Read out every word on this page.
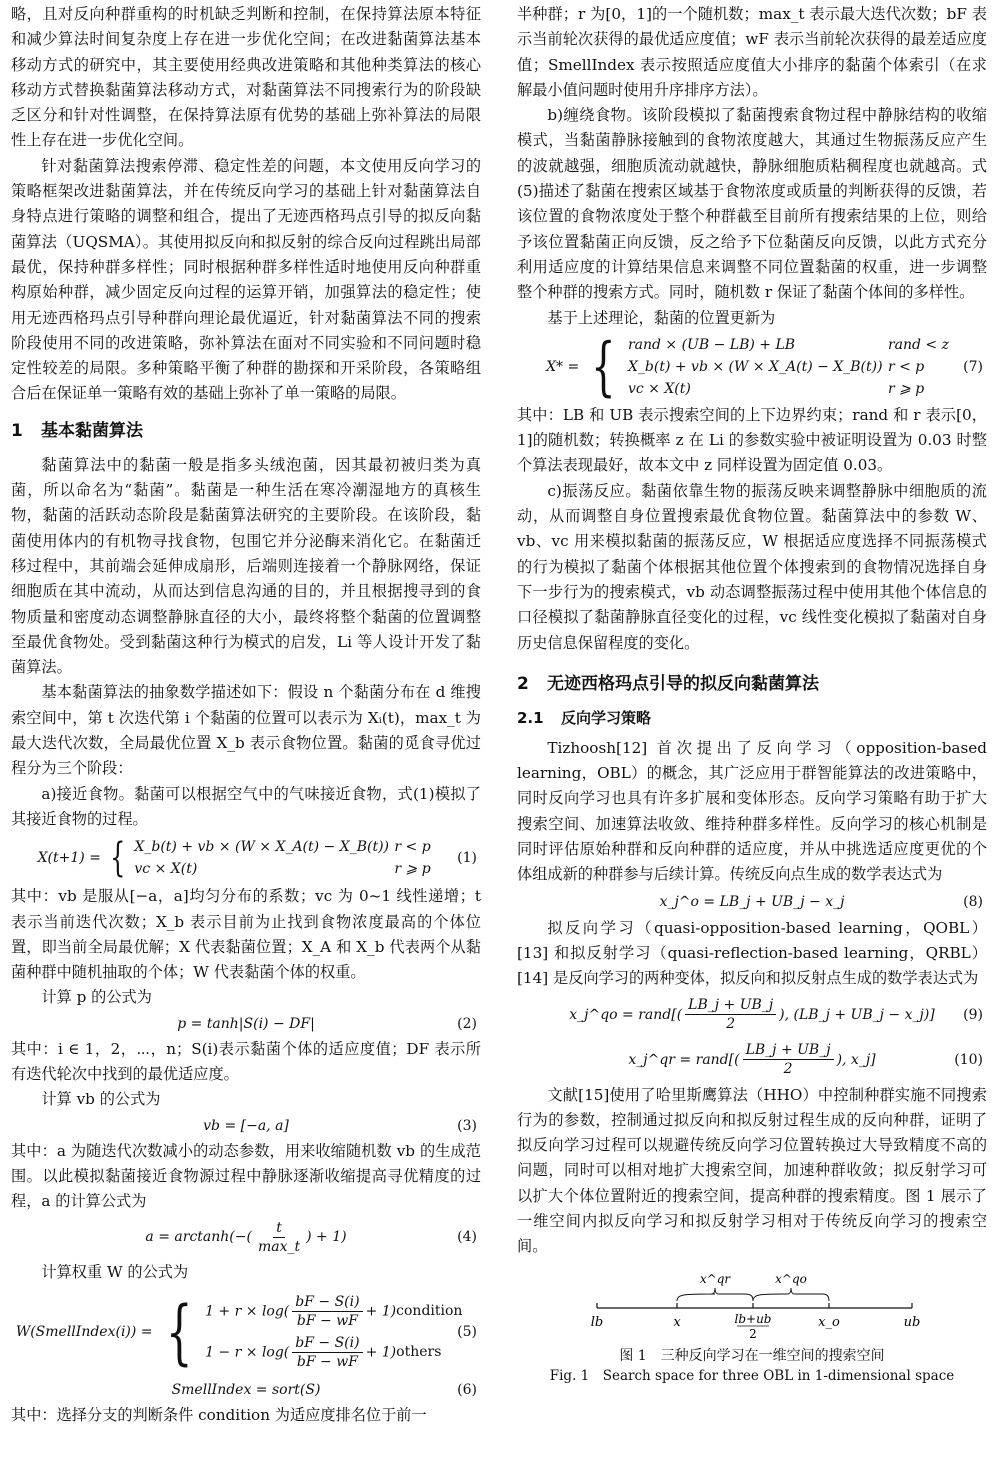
略，且对反向种群重构的时机缺乏判断和控制，在保持算法原本特征和减少算法时间复杂度上存在进一步优化空间；在改进黏菌算法基本移动方式的研究中，其主要使用经典改进策略和其他种类算法的核心移动方式替换黏菌算法移动方式，对黏菌算法不同搜索行为的阶段缺乏区分和针对性调整，在保持算法原有优势的基础上弥补算法的局限性上存在进一步优化空间。

针对黏菌算法搜索停滞、稳定性差的问题，本文使用反向学习的策略框架改进黏菌算法，并在传统反向学习的基础上针对黏菌算法自身特点进行策略的调整和组合，提出了无迹西格玛点引导的拟反向黏菌算法（UQSMA）。其使用拟反向和拟反射的综合反向过程跳出局部最优，保持种群多样性；同时根据种群多样性适时地使用反向种群重构原始种群，减少固定反向过程的运算开销，加强算法的稳定性；使用无迹西格玛点引导种群向理论最优逼近，针对黏菌算法不同的搜索阶段使用不同的改进策略，弥补算法在面对不同实验和不同问题时稳定性较差的局限。多种策略平衡了种群的勘探和开采阶段，各策略组合后在保证单一策略有效的基础上弥补了单一策略的局限。

1 基本黏菌算法

黏菌算法中的黏菌一般是指多头绒泡菌，因其最初被归类为真菌，所以命名为“黏菌”。黏菌是一种生活在寒冷潮湿地方的真核生物，黏菌的活跃动态阶段是黏菌算法研究的主要阶段。在该阶段，黏菌使用体内的有机物寻找食物，包围它并分泌酶来消化它。在黏菌迁移过程中，其前端会延伸成扇形，后端则连接着一个静脉网络，保证细胞质在其中流动，从而达到信息沟通的目的，并且根据搜寻到的食物质量和密度动态调整静脉直径的大小，最终将整个黏菌的位置调整至最优食物处。受到黏菌这种行为模式的启发，Li 等人设计开发了黏菌算法。

基本黏菌算法的抽象数学描述如下：假设 n 个黏菌分布在 d 维搜索空间中，第 t 次迭代第 i 个黏菌的位置可以表示为 Xᵢ(t)，max_t 为最大迭代次数，全局最优位置 X_b 表示食物位置。黏菌的觅食寻优过程分为三个阶段：

a)接近食物。黏菌可以根据空气中的气味接近食物，式(1)模拟了其接近食物的过程。

X(t+1) = { X_b(t) + vb × (W × X_A(t) − X_B(t)) r < p
vc × X(t)	r ⩾ p
(1)

其中：vb 是服从[−a，a]均匀分布的系数；vc 为 0~1 线性递增；t 表示当前迭代次数；X_b 表示目前为止找到食物浓度最高的个体位置，即当前全局最优解；X 代表黏菌位置；X_A 和 X_b 代表两个从黏菌种群中随机抽取的个体；W 代表黏菌个体的权重。

计算 p 的公式为

p = tanh|S(i) − DF|	(2)

其中：i ∈ 1，2，⋯，n；S(i)表示黏菌个体的适应度值；DF 表示所有迭代轮次中找到的最优适应度。

计算 vb 的公式为

vb = [−a, a]	(3)

其中：a 为随迭代次数减小的动态参数，用来收缩随机数 vb 的生成范围。以此模拟黏菌接近食物源过程中静脉逐渐收缩提高寻优精度的过程，a 的计算公式为

$a = \arctan h(-( \frac{t}{\max\_t}$ ) + 1)	(4)

计算权重 W 的公式为

W(SmellIndex(i)) = { $1 + r \times \log( \frac{bF - S(i)}{bF - wF} + 1)$ condition
$1 - r \times \log( \frac{bF - S(i)}{bF - wF} + 1)$ others
(5)
SmellIndex = sort(S)	(6)

其中：选择分支的判断条件 condition 为适应度排名位于前一

半种群；r 为[0，1]的一个随机数；max_t 表示最大迭代次数；bF 表示当前轮次获得的最优适应度值；wF 表示当前轮次获得的最差适应度值；SmellIndex 表示按照适应度值大小排序的黏菌个体索引（在求解最小值问题时使用升序排序方法）。

b)缠绕食物。该阶段模拟了黏菌搜索食物过程中静脉结构的收缩模式，当黏菌静脉接触到的食物浓度越大，其通过生物振荡反应产生的波就越强，细胞质流动就越快，静脉细胞质粘稠程度也就越高。式(5)描述了黏菌在搜索区域基于食物浓度或质量的判断获得的反馈，若该位置的食物浓度处于整个种群截至目前所有搜索结果的上位，则给予该位置黏菌正向反馈，反之给予下位黏菌反向反馈，以此方式充分利用适应度的计算结果信息来调整不同位置黏菌的权重，进一步调整整个种群的搜索方式。同时，随机数 r 保证了黏菌个体间的多样性。

基于上述理论，黏菌的位置更新为

X* = { rand × (UB − LB) + LB	rand < z
X_b(t) + vb × (W × X_A(t) − X_B(t)) r < p
vc × X(t)	r ⩾ p
(7)

其中：LB 和 UB 表示搜索空间的上下边界约束；rand 和 r 表示[0，1]的随机数；转换概率 z 在 Li 的参数实验中被证明设置为 0.03 时整个算法表现最好，故本文中 z 同样设置为固定值 0.03。

c)振荡反应。黏菌依靠生物的振荡反映来调整静脉中细胞质的流动，从而调整自身位置搜索最优食物位置。黏菌算法中的参数 W、vb、vc 用来模拟黏菌的振荡反应，W 根据适应度选择不同振荡模式的行为模拟了黏菌个体根据其他位置个体搜索到的食物情况选择自身下一步行为的搜索模式，vb 动态调整振荡过程中使用其他个体信息的口径模拟了黏菌静脉直径变化的过程，vc 线性变化模拟了黏菌对自身历史信息保留程度的变化。

2 无迹西格玛点引导的拟反向黏菌算法
2.1 反向学习策略

Tizhoosh[12] 首次提出了反向学习（opposition-based learning，OBL）的概念，其广泛应用于群智能算法的改进策略中，同时反向学习也具有许多扩展和变体形态。反向学习策略有助于扩大搜索空间、加速算法收敛、维持种群多样性。反向学习的核心机制是同时评估原始种群和反向种群的适应度，并从中挑选适应度更优的个体组成新的种群参与后续计算。传统反向点生成的数学表达式为

x_j^o = LB_j + UB_j − x_j	(8)

拟反向学习（quasi-opposition-based learning，QOBL）[13] 和拟反射学习（quasi-reflection-based learning，QRBL）[14] 是反向学习的两种变体，拟反向和拟反射点生成的数学表达式为

x_j^qo = rand[( $\frac{LB\_j + UB\_j}{2}$ ), (LB_j + UB_j − x_j)] (9)
x_j^qr = rand[( $\frac{LB\_j + UB\_j}{2}$ ), x_j]	(10)

文献[15]使用了哈里斯鹰算法（HHO）中控制种群实施不同搜索行为的参数，控制通过拟反向和拟反射过程生成的反向种群，证明了拟反向学习过程可以规避传统反向学习位置转换过大导致精度不高的问题，同时可以相对地扩大搜索空间，加速种群收敛；拟反射学习可以扩大个体位置附近的搜索空间，提高种群的搜索精度。图 1 展示了一维空间内拟反向学习和拟反射学习相对于传统反向学习的搜索空间。

x^qr	x^qo
lb	x	lb+ub
2
x_o	ub
图 1　三种反向学习在一维空间的搜索空间
Fig. 1　Search space for three OBL in 1-dimensional space
